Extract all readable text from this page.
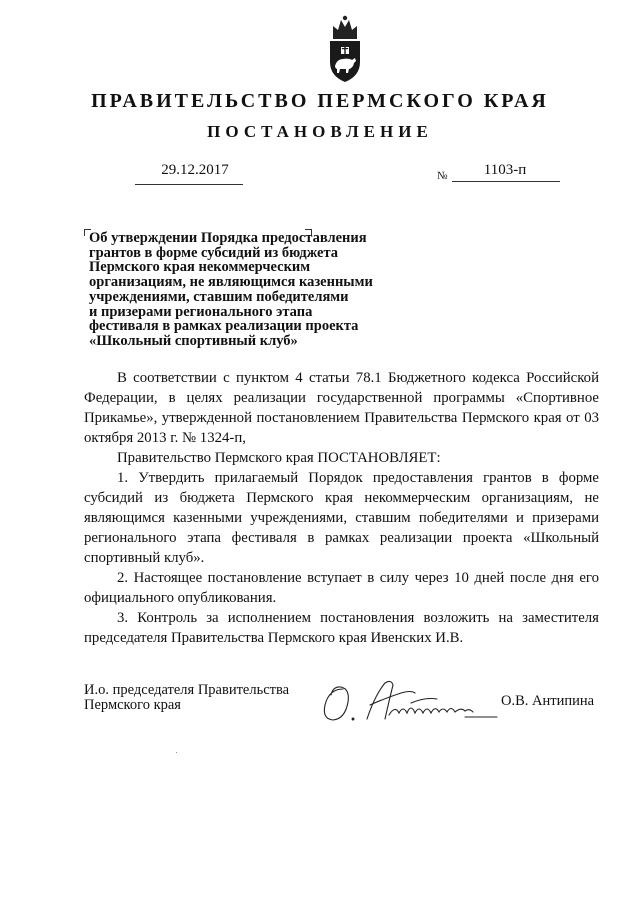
ПРАВИТЕЛЬСТВО ПЕРМСКОГО КРАЯ
ПОСТАНОВЛЕНИЕ
29.12.2017	№	1103-п
Об утверждении Порядка предоставления
грантов в форме субсидий из бюджета
Пермского края некоммерческим
организациям, не являющимся казенными
учреждениями, ставшим победителями
и призерами регионального этапа
фестиваля в рамках реализации проекта
«Школьный спортивный клуб»

В соответствии с пунктом 4 статьи 78.1 Бюджетного кодекса Российской Федерации, в целях реализации государственной программы «Спортивное Прикамье», утвержденной постановлением Правительства Пермского края от 03 октября 2013 г. № 1324-п,

Правительство Пермского края ПОСТАНОВЛЯЕТ:

1. Утвердить прилагаемый Порядок предоставления грантов в форме субсидий из бюджета Пермского края некоммерческим организациям, не являющимся казенными учреждениями, ставшим победителями и призерами регионального этапа фестиваля в рамках реализации проекта «Школьный спортивный клуб».

2. Настоящее постановление вступает в силу через 10 дней после дня его официального опубликования.

3. Контроль за исполнением постановления возложить на заместителя председателя Правительства Пермского края Ивенских И.В.

И.о. председателя Правительства
Пермского края	О.В. Антипина
